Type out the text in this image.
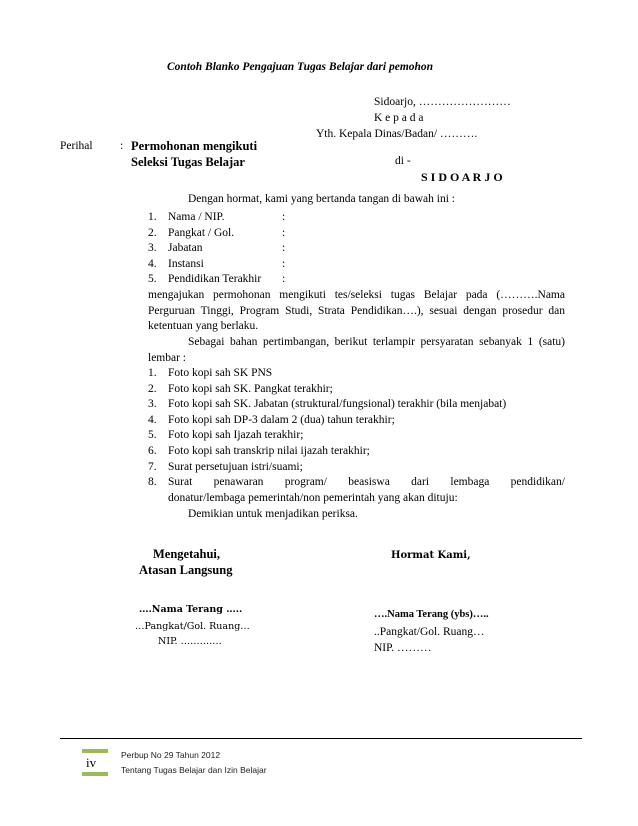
Contoh Blanko Pengajuan Tugas Belajar dari pemohon
Sidoarjo, ……………………
K e p a d a
Yth. Kepala Dinas/Badan/ ……….
di -
S I D O A R J O
Perihal : Permohonan mengikuti
Seleksi Tugas Belajar
Dengan hormat, kami yang bertanda tangan di bawah ini :
1. Nama / NIP.	:
2. Pangkat / Gol.	:
3. Jabatan	:
4. Instansi	:
5. Pendidikan Terakhir :
mengajukan permohonan mengikuti tes/seleksi tugas Belajar pada (……….Nama Perguruan Tinggi, Program Studi, Strata Pendidikan….), sesuai dengan prosedur dan ketentuan yang berlaku.
Sebagai bahan pertimbangan, berikut terlampir persyaratan sebanyak 1 (satu) lembar :
1. Foto kopi sah SK PNS
2. Foto kopi sah SK. Pangkat terakhir;
3. Foto kopi sah SK. Jabatan (struktural/fungsional) terakhir (bila menjabat)
4. Foto kopi sah DP-3 dalam 2 (dua) tahun terakhir;
5. Foto kopi sah Ijazah terakhir;
6. Foto kopi sah transkrip nilai ijazah terakhir;
7. Surat persetujuan istri/suami;
8. Surat penawaran program/ beasiswa dari lembaga pendidikan/
donatur/lembaga pemerintah/non pemerintah yang akan dituju:
Demikian untuk menjadikan periksa.
Mengetahui,
Atasan Langsung
….Nama Terang …..
…Pangkat/Gol. Ruang…
NIP. ………….
Hormat Kami,
….Nama Terang (ybs)…..
..Pangkat/Gol. Ruang…
NIP. ………
iv	Perbup No 29 Tahun 2012
Tentang Tugas Belajar dan Izin Belajar
